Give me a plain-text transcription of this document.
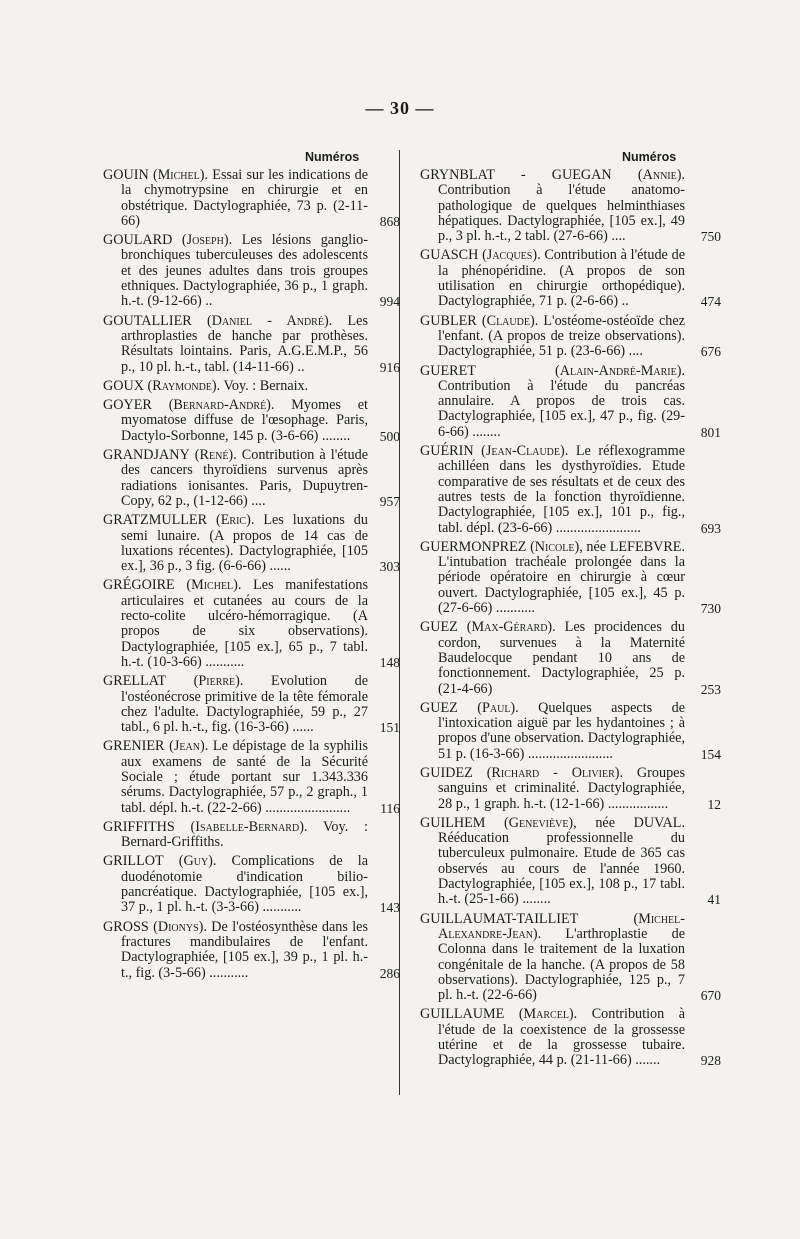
— 30 —
Numéros	Numéros
GOUIN (Michel). Essai sur les indications de la chymotrypsine en chirurgie et en obstétrique. Dactylographiée, 73 p. (2-11-66)	868
GOULARD (Joseph). Les lésions ganglio-bronchiques tuberculeuses des adolescents et des jeunes adultes dans trois groupes ethniques. Dactylographiée, 36 p., 1 graph. h.-t. (9-12-66) ..	994
GOUTALLIER (Daniel - André). Les arthroplasties de hanche par prothèses. Résultats lointains. Paris, A.G.E.M.P., 56 p., 10 pl. h.-t., tabl. (14-11-66) ..	916
GOUX (Raymonde). Voy. : Bernaix.
GOYER (Bernard-André). Myomes et myomatose diffuse de l'œsophage. Paris, Dactylo-Sorbonne, 145 p. (3-6-66) ........ 500
GRANDJANY (René). Contribution à l'étude des cancers thyroïdiens survenus après radiations ionisantes. Paris, Dupuytren-Copy, 62 p., (1-12-66) ....	957
GRATZMULLER (Eric). Les luxations du semi lunaire. (A propos de 14 cas de luxations récentes). Dactylographiée, [105 ex.], 36 p., 3 fig. (6-6-66) ......	303
GRÉGOIRE (Michel). Les manifestations articulaires et cutanées au cours de la recto-colite ulcéro-hémorragique. (A propos de six observations). Dactylographiée, [105 ex.], 65 p., 7 tabl. h.-t. (10-3-66) ...........	148
GRELLAT (Pierre). Evolution de l'ostéonécrose primitive de la tête fémorale chez l'adulte. Dactylographiée, 59 p., 27 tabl., 6 pl. h.-t., fig. (16-3-66) ......	151
GRENIER (Jean). Le dépistage de la syphilis aux examens de santé de la Sécurité Sociale ; étude portant sur 1.343.336 sérums. Dactylographiée, 57 p., 2 graph., 1 tabl. dépl. h.-t. (22-2-66) ........................ 116
GRIFFITHS (Isabelle-Bernard). Voy. : Bernard-Griffiths.
GRILLOT (Guy). Complications de la duodénotomie d'indication bilio-pancréatique. Dactylographiée, [105 ex.], 37 p., 1 pl. h.-t. (3-3-66) ...........	143
GROSS (Dionys). De l'ostéosynthèse dans les fractures mandibulaires de l'enfant. Dactylographiée, [105 ex.], 39 p., 1 pl. h.-t., fig. (3-5-66) ...........	286
GRYNBLAT - GUEGAN (Annie). Contribution à l'étude anatomo-pathologique de quelques helminthiases hépatiques. Dactylographiée, [105 ex.], 49 p., 3 pl. h.-t., 2 tabl. (27-6-66) ....	750
GUASCH (Jacques). Contribution à l'étude de la phénopéridine. (A propos de son utilisation en chirurgie orthopédique). Dactylographiée, 71 p. (2-6-66) ..	474
GUBLER (Claude). L'ostéome-ostéoïde chez l'enfant. (A propos de treize observations). Dactylographiée, 51 p. (23-6-66) ....	676
GUERET (Alain-André-Marie). Contribution à l'étude du pancréas annulaire. A propos de trois cas. Dactylographiée, [105 ex.], 47 p., fig. (29-6-66) ........	801
GUÉRIN (Jean-Claude). Le réflexogramme achilléen dans les dysthyroïdies. Etude comparative de ses résultats et de ceux des autres tests de la fonction thyroïdienne. Dactylographiée, [105 ex.], 101 p., fig., tabl. dépl. (23-6-66) ........................	693
GUERMONPREZ (Nicole), née LEFEBVRE. L'intubation trachéale prolongée dans la période opératoire en chirurgie à cœur ouvert. Dactylographiée, [105 ex.], 45 p. (27-6-66) ...........	730
GUEZ (Max-Gérard). Les procidences du cordon, survenues à la Maternité Baudelocque pendant 10 ans de fonctionnement. Dactylographiée, 25 p. (21-4-66)	253
GUEZ (Paul). Quelques aspects de l'intoxication aiguë par les hydantoines ; à propos d'une observation. Dactylographiée, 51 p. (16-3-66) ........................	154
GUIDEZ (Richard - Olivier). Groupes sanguins et criminalité. Dactylographiée, 28 p., 1 graph. h.-t. (12-1-66) .................	12
GUILHEM (Geneviève), née DUVAL. Rééducation professionnelle du tuberculeux pulmonaire. Etude de 365 cas observés au cours de l'année 1960. Dactylographiée, [105 ex.], 108 p., 17 tabl. h.-t. (25-1-66) ........	41
GUILLAUMAT-TAILLIET (Michel-Alexandre-Jean). L'arthroplastie de Colonna dans le traitement de la luxation congénitale de la hanche. (A propos de 58 observations). Dactylographiée, 125 p., 7 pl. h.-t. (22-6-66)	670
GUILLAUME (Marcel). Contribution à l'étude de la coexistence de la grossesse utérine et de la grossesse tubaire. Dactylographiée, 44 p. (21-11-66) .......	928
